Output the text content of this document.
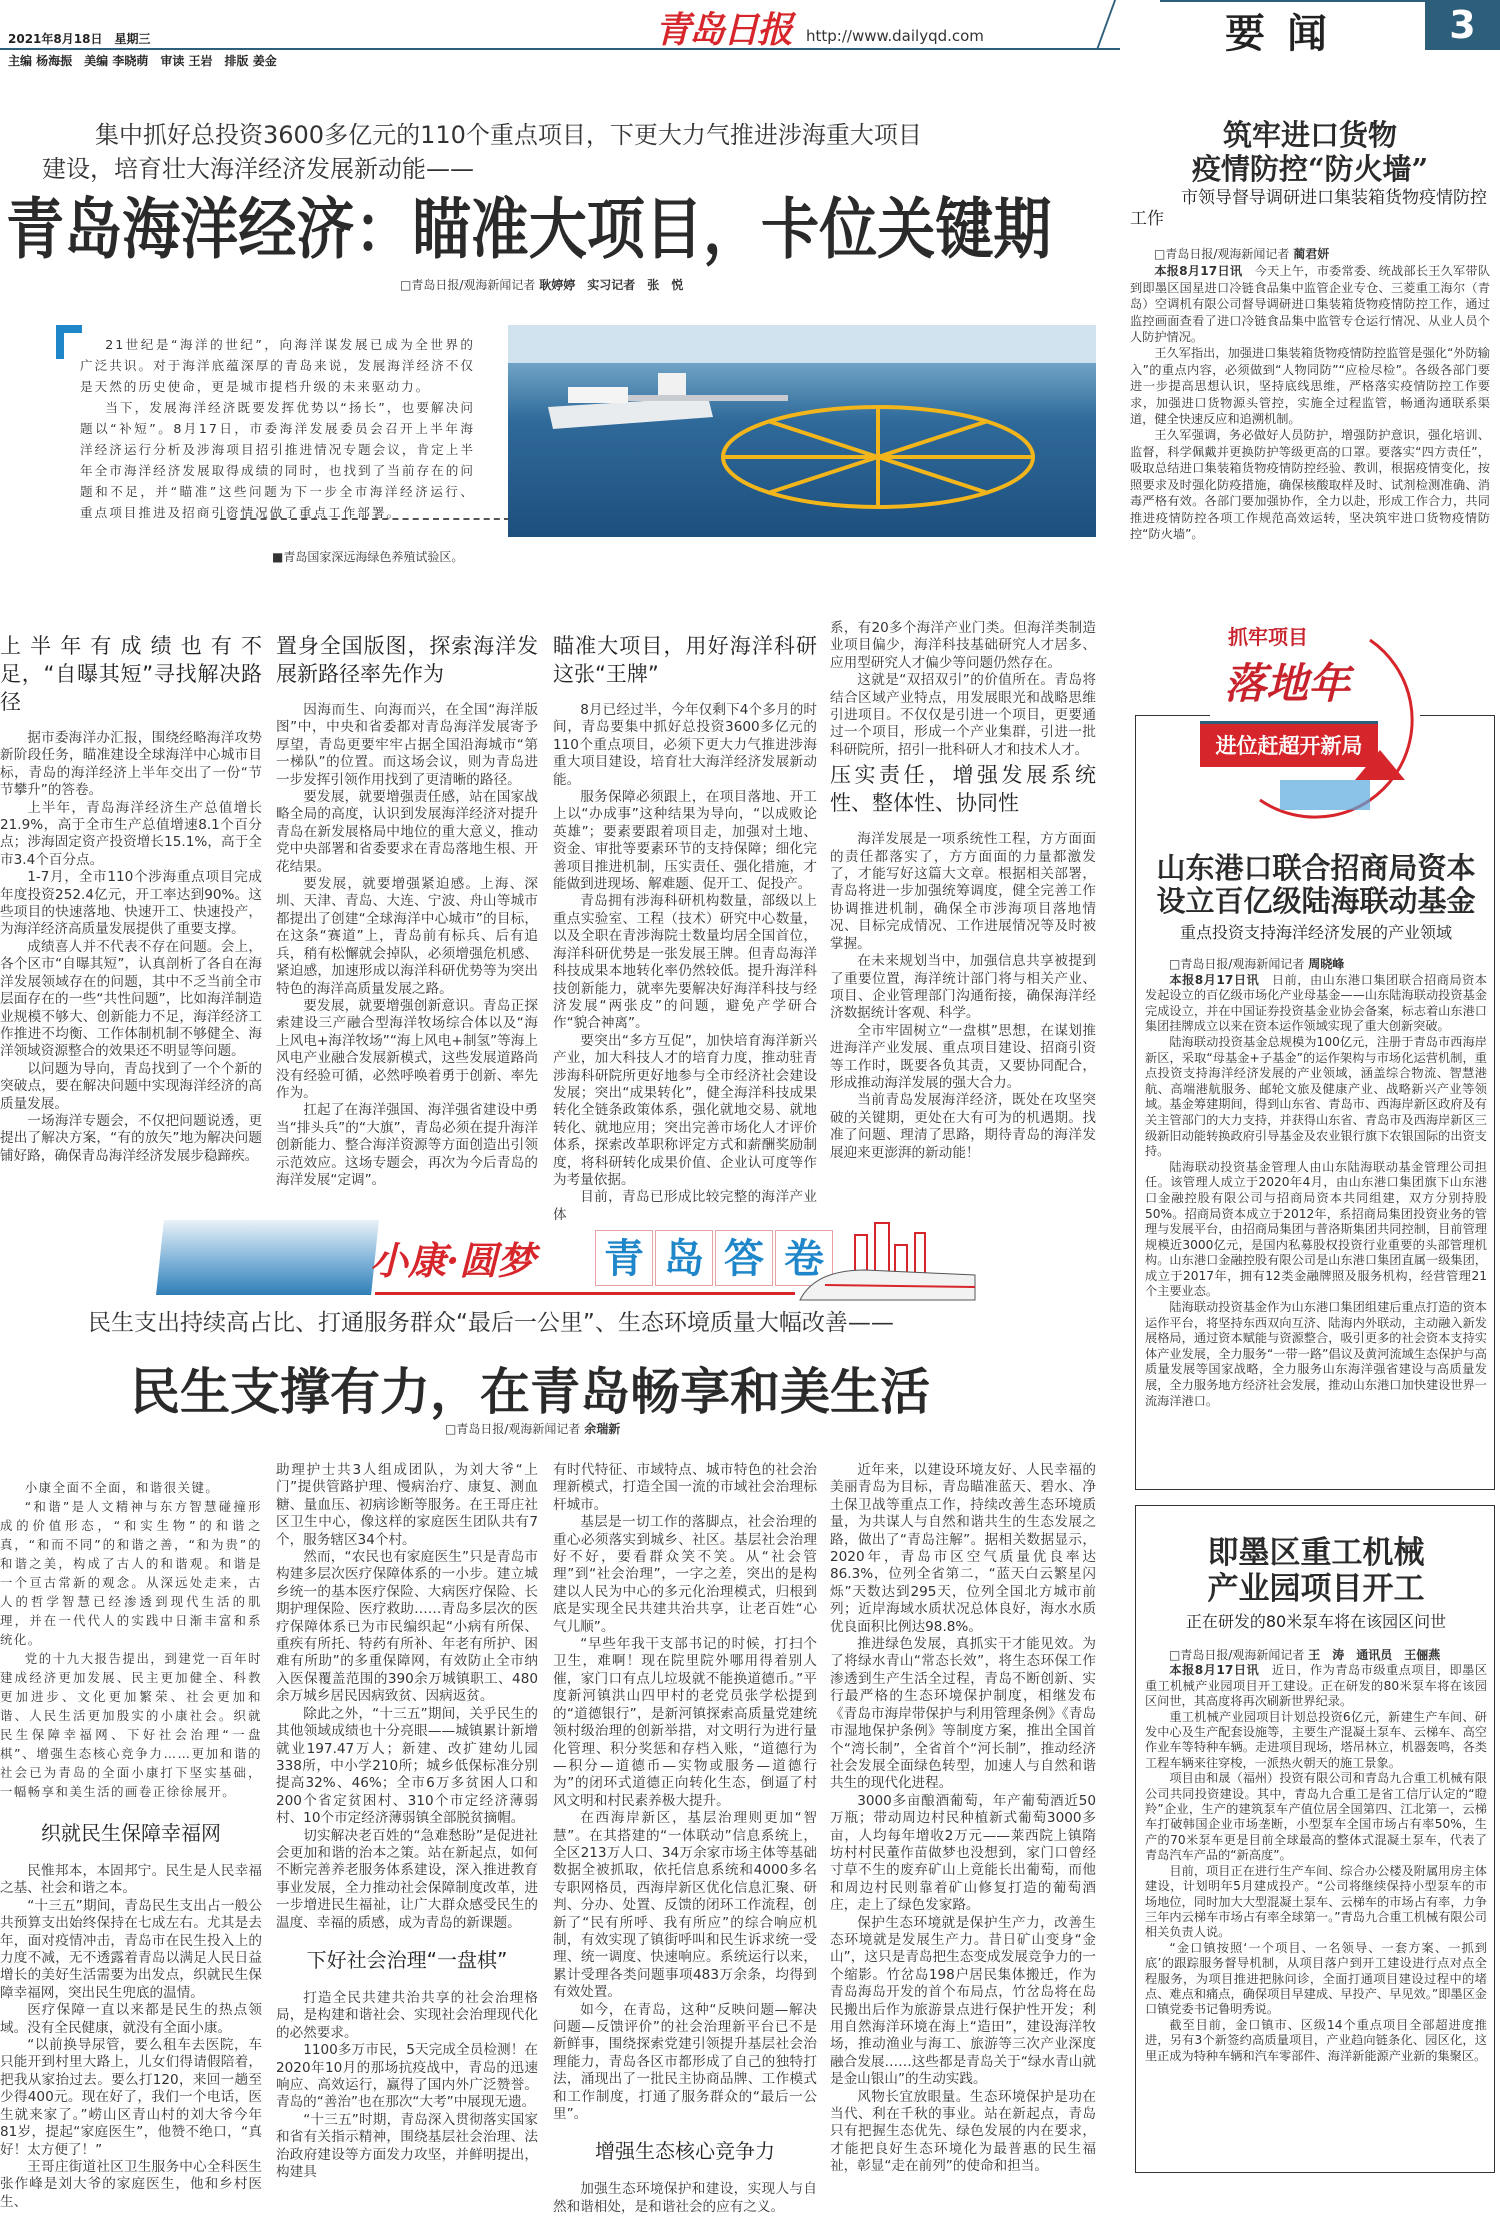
2021年8月18日　星期三
主编 杨海振　美编 李晓萌　审读 王岩　排版 姜金
青岛日报 http://www.dailyqd.com	要闻	3
集中抓好总投资3600多亿元的110个重点项目，下更大力气推进涉海重大项目
建设，培育壮大海洋经济发展新动能——
青岛海洋经济：瞄准大项目，卡位关键期
□青岛日报/观海新闻记者 耿婷婷　实习记者　张　悦

21世纪是“海洋的世纪”，向海洋谋发展已成为全世界的广泛共识。对于海洋底蕴深厚的青岛来说，发展海洋经济不仅是天然的历史使命，更是城市提档升级的未来驱动力。

当下，发展海洋经济既要发挥优势以“扬长”，也要解决问题以“补短”。8月17日，市委海洋发展委员会召开上半年海洋经济运行分析及涉海项目招引推进情况专题会议，肯定上半年全市海洋经济发展取得成绩的同时，也找到了当前存在的问题和不足，并“瞄准”这些问题为下一步全市海洋经济运行、重点项目推进及招商引资情况做了重点工作部署。

■青岛国家深远海绿色养殖试验区。
上半年有成绩也有不足，“自曝其短”寻找解决路径

据市委海洋办汇报，围绕经略海洋攻势新阶段任务，瞄准建设全球海洋中心城市目标，青岛的海洋经济上半年交出了一份“节节攀升”的答卷。

上半年，青岛海洋经济生产总值增长21.9%，高于全市生产总值增速8.1个百分点；涉海固定资产投资增长15.1%，高于全市3.4个百分点。

1-7月，全市110个涉海重点项目完成年度投资252.4亿元，开工率达到90%。这些项目的快速落地、快速开工、快速投产，为海洋经济高质量发展提供了重要支撑。

成绩喜人并不代表不存在问题。会上，各个区市“自曝其短”，认真剖析了各自在海洋发展领域存在的问题，其中不乏当前全市层面存在的一些“共性问题”，比如海洋制造业规模不够大、创新能力不足，海洋经济工作推进不均衡、工作体制机制不够健全、海洋领域资源整合的效果还不明显等问题。

以问题为导向，青岛找到了一个个新的突破点，要在解决问题中实现海洋经济的高质量发展。

一场海洋专题会，不仅把问题说透，更提出了解决方案，“有的放矢”地为解决问题铺好路，确保青岛海洋经济发展步稳蹄疾。

置身全国版图，探索海洋发展新路径率先作为

因海而生、向海而兴，在全国“海洋版图”中，中央和省委都对青岛海洋发展寄予厚望，青岛更要牢牢占据全国沿海城市“第一梯队”的位置。而这场会议，则为青岛进一步发挥引领作用找到了更清晰的路径。

要发展，就要增强责任感，站在国家战略全局的高度，认识到发展海洋经济对提升青岛在新发展格局中地位的重大意义，推动党中央部署和省委要求在青岛落地生根、开花结果。

要发展，就要增强紧迫感。上海、深圳、天津、青岛、大连、宁波、舟山等城市都提出了创建“全球海洋中心城市”的目标，在这条“赛道”上，青岛前有标兵、后有追兵，稍有松懈就会掉队，必须增强危机感、紧迫感，加速形成以海洋科研优势等为突出特色的海洋高质量发展之路。

要发展，就要增强创新意识。青岛正探索建设三产融合型海洋牧场综合体以及“海上风电+海洋牧场”“海上风电+制氢”等海上风电产业融合发展新模式，这些发展道路尚没有经验可循，必然呼唤着勇于创新、率先作为。

扛起了在海洋强国、海洋强省建设中勇当“排头兵”的“大旗”，青岛必须在提升海洋创新能力、整合海洋资源等方面创造出引领示范效应。这场专题会，再次为今后青岛的海洋发展“定调”。

瞄准大项目，用好海洋科研这张“王牌”

8月已经过半，今年仅剩下4个多月的时间，青岛要集中抓好总投资3600多亿元的110个重点项目，必须下更大力气推进涉海重大项目建设，培育壮大海洋经济发展新动能。

服务保障必须跟上，在项目落地、开工上以“办成事”这种结果为导向，“以成败论英雄”；要素要跟着项目走，加强对土地、资金、审批等要素环节的支持保障；细化完善项目推进机制，压实责任、强化措施，才能做到进现场、解难题、促开工、促投产。

青岛拥有涉海科研机构数量，部级以上重点实验室、工程（技术）研究中心数量，以及全职在青涉海院士数量均居全国首位，海洋科研优势是一张发展王牌。但青岛海洋科技成果本地转化率仍然较低。提升海洋科技创新能力，就率先要解决好海洋科技与经济发展“两张皮”的问题，避免产学研合作“貌合神离”。

要突出“多方互促”，加快培育海洋新兴产业，加大科技人才的培育力度，推动驻青涉海科研院所更好地参与全市经济社会建设发展；突出“成果转化”，健全海洋科技成果转化全链条政策体系，强化就地交易、就地转化、就地应用；突出完善市场化人才评价体系，探索改革职称评定方式和薪酬奖励制度，将科研转化成果价值、企业认可度等作为考量依据。

目前，青岛已形成比较完整的海洋产业体

系，有20多个海洋产业门类。但海洋类制造业项目偏少，海洋科技基础研究人才居多、应用型研究人才偏少等问题仍然存在。

这就是“双招双引”的价值所在。青岛将结合区域产业特点，用发展眼光和战略思维引进项目。不仅仅是引进一个项目，更要通过一个项目，形成一个产业集群，引进一批科研院所，招引一批科研人才和技术人才。

压实责任，增强发展系统性、整体性、协同性

海洋发展是一项系统性工程，方方面面的责任都落实了，方方面面的力量都激发了，才能写好这篇大文章。根据相关部署，青岛将进一步加强统筹调度，健全完善工作协调推进机制，确保全市涉海项目落地情况、目标完成情况、工作进展情况等及时被掌握。

在未来规划当中，加强信息共享被提到了重要位置，海洋统计部门将与相关产业、项目、企业管理部门沟通衔接，确保海洋经济数据统计客观、科学。

全市牢固树立“一盘棋”思想，在谋划推进海洋产业发展、重点项目建设、招商引资等工作时，既要各负其责，又要协同配合，形成推动海洋发展的强大合力。

当前青岛发展海洋经济，既处在攻坚突破的关键期，更处在大有可为的机遇期。找准了问题、理清了思路，期待青岛的海洋发展迎来更澎湃的新动能！

筑牢进口货物
疫情防控“防火墙”
市领导督导调研进口集装箱货物疫情防控工作
□青岛日报/观海新闻记者 蔺君妍

本报8月17日讯　 今天上午，市委常委、统战部长王久军带队到即墨区国星进口冷链食品集中监管企业专仓、三菱重工海尔（青岛）空调机有限公司督导调研进口集装箱货物疫情防控工作，通过监控画面查看了进口冷链食品集中监管专仓运行情况、从业人员个人防护情况。

王久军指出，加强进口集装箱货物疫情防控监管是强化“外防输入”的重点内容，必须做到“人物同防”“应检尽检”。各级各部门要进一步提高思想认识，坚持底线思维，严格落实疫情防控工作要求，加强进口货物源头管控，实施全过程监管，畅通沟通联系渠道，健全快速反应和追溯机制。

王久军强调，务必做好人员防护，增强防护意识，强化培训、监督，科学佩戴并更换防护等级更高的口罩。要落实“四方责任”，吸取总结进口集装箱货物疫情防控经验、教训，根据疫情变化，按照要求及时强化防疫措施，确保核酸取样及时、试剂检测准确、消毒严格有效。各部门要加强协作，全力以赴，形成工作合力，共同推进疫情防控各项工作规范高效运转，坚决筑牢进口货物疫情防控“防火墙”。

抓牢项目
落地年
进位赶超开新局
山东港口联合招商局资本
设立百亿级陆海联动基金
重点投资支持海洋经济发展的产业领域
□青岛日报/观海新闻记者 周晓峰

本报8月17日讯　 日前，由山东港口集团联合招商局资本发起设立的百亿级市场化产业母基金——山东陆海联动投资基金完成设立，并在中国证券投资基金业协会备案，标志着山东港口集团挂牌成立以来在资本运作领域实现了重大创新突破。

陆海联动投资基金总规模为100亿元，注册于青岛市西海岸新区，采取“母基金+子基金”的运作架构与市场化运营机制，重点投资支持海洋经济发展的产业领域，涵盖综合物流、智慧港航、高端港航服务、邮轮文旅及健康产业、战略新兴产业等领域。基金筹建期间，得到山东省、青岛市、西海岸新区政府及有关主管部门的大力支持，并获得山东省、青岛市及西海岸新区三级新旧动能转换政府引导基金及农业银行旗下农银国际的出资支持。

陆海联动投资基金管理人由山东陆海联动基金管理公司担任。该管理人成立于2020年4月，由山东港口集团旗下山东港口金融控股有限公司与招商局资本共同组建，双方分别持股50%。招商局资本成立于2012年，系招商局集团投资业务的管理与发展平台，由招商局集团与普洛斯集团共同控制，目前管理规模近3000亿元，是国内私募股权投资行业重要的头部管理机构。山东港口金融控股有限公司是山东港口集团直属一级集团，成立于2017年，拥有12类金融牌照及服务机构，经营管理21个主要业态。

陆海联动投资基金作为山东港口集团组建后重点打造的资本运作平台，将坚持东西双向互济、陆海内外联动，主动融入新发展格局，通过资本赋能与资源整合，吸引更多的社会资本支持实体产业发展，全力服务“一带一路”倡议及黄河流域生态保护与高质量发展等国家战略，全力服务山东海洋强省建设与高质量发展，全力服务地方经济社会发展，推动山东港口加快建设世界一流海洋港口。

小康·圆梦 青 岛 答 卷
民生支出持续高占比、打通服务群众“最后一公里”、生态环境质量大幅改善——
民生支撑有力，在青岛畅享和美生活
□青岛日报/观海新闻记者 余瑞新

小康全面不全面，和谐很关键。

“和谐”是人文精神与东方智慧碰撞形成的价值形态，“和实生物”的和谐之真，“和而不同”的和谐之善，“和为贵”的和谐之美，构成了古人的和谐观。和谐是一个亘古常新的观念。从深远处走来，古人的哲学智慧已经渗透到现代生活的肌理，并在一代代人的实践中日渐丰富和系统化。

党的十九大报告提出，到建党一百年时建成经济更加发展、民主更加健全、科教更加进步、文化更加繁荣、社会更加和谐、人民生活更加殷实的小康社会。织就民生保障幸福网、下好社会治理“一盘棋”、增强生态核心竞争力……更加和谐的社会已为青岛的全面小康打下坚实基础，一幅畅享和美生活的画卷正徐徐展开。

织就民生保障幸福网

民惟邦本，本固邦宁。民生是人民幸福之基、社会和谐之本。

“十三五”期间，青岛民生支出占一般公共预算支出始终保持在七成左右。尤其是去年，面对疫情冲击，青岛市在民生投入上的力度不减，无不透露着青岛以满足人民日益增长的美好生活需要为出发点，织就民生保障幸福网，突出民生兜底的温情。

医疗保障一直以来都是民生的热点领域。没有全民健康，就没有全面小康。

“以前换导尿管，要么租车去医院，车只能开到村里大路上，儿女们得请假陪着，把我从家抬过去。要么打120，来回一趟至少得400元。现在好了，我们一个电话，医生就来家了。”崂山区青山村的刘大爷今年81岁，提起“家庭医生”，他赞不绝口，“真好！太方便了！”

王哥庄街道社区卫生服务中心全科医生张作峰是刘大爷的家庭医生，他和乡村医生、

助理护士共3人组成团队，为刘大爷“上门”提供管路护理、慢病治疗、康复、测血糖、量血压、初病诊断等服务。在王哥庄社区卫生中心，像这样的家庭医生团队共有7个，服务辖区34个村。

然而，“农民也有家庭医生”只是青岛市构建多层次医疗保障体系的一小步。建立城乡统一的基本医疗保险、大病医疗保险、长期护理保险、医疗救助……青岛多层次的医疗保障体系已为市民编织起“小病有所保、重疾有所托、特药有所补、年老有所护、困难有所助”的多重保障网，有效防止全市纳入医保覆盖范围的390余万城镇职工、480余万城乡居民因病致贫、因病返贫。

除此之外，“十三五”期间，关乎民生的其他领域成绩也十分亮眼——城镇累计新增就业197.47万人；新建、改扩建幼儿园338所，中小学210所；城乡低保标准分别提高32%、46%；全市6万多贫困人口和200个省定贫困村、310个市定经济薄弱村、10个市定经济薄弱镇全部脱贫摘帽。

切实解决老百姓的“急难愁盼”是促进社会更加和谐的治本之策。站在新起点，如何不断完善养老服务体系建设，深入推进教育事业发展，全力推动社会保障制度改革，进一步增进民生福祉，让广大群众感受民生的温度、幸福的质感，成为青岛的新课题。

下好社会治理“一盘棋”

打造全民共建共治共享的社会治理格局，是构建和谐社会、实现社会治理现代化的必然要求。

1100多万市民，5天完成全员检测！在2020年10月的那场抗疫战中，青岛的迅速响应、高效运行，赢得了国内外广泛赞誉。青岛的“善治”也在那次“大考”中展现无遗。

“十三五”时期，青岛深入贯彻落实国家和省有关指示精神，围绕基层社会治理、法治政府建设等方面发力攻坚，并鲜明提出，构建具

有时代特征、市域特点、城市特色的社会治理新模式，打造全国一流的市域社会治理标杆城市。

基层是一切工作的落脚点，社会治理的重心必须落实到城乡、社区。基层社会治理好不好，要看群众笑不笑。从“社会管理”到“社会治理”，一字之差，突出的是构建以人民为中心的多元化治理模式，归根到底是实现全民共建共治共享，让老百姓“心气儿顺”。

“早些年我干支部书记的时候，打扫个卫生，难啊！现在院里院外哪用得着别人催，家门口有点儿垃圾就不能换道德币。”平度新河镇洪山四甲村的老党员张学松提到的“道德银行”，是新河镇探索高质量党建统领村级治理的创新举措，对文明行为进行量化管理、积分奖惩和存档入账，“道德行为—积分—道德币—实物或服务—道德行为”的闭环式道德正向转化生态，倒逼了村风文明和村民素养极大提升。

在西海岸新区，基层治理则更加“智慧”。在其搭建的“一体联动”信息系统上，全区213万人口、34万余家市场主体等基础数据全被抓取，依托信息系统和4000多名专职网格员，西海岸新区优化信息汇聚、研判、分办、处置、反馈的闭环工作流程，创新了“民有所呼、我有所应”的综合响应机制，有效实现了镇街呼叫和民生诉求统一受理、统一调度、快速响应。系统运行以来，累计受理各类问题事项483万余条，均得到有效处置。

如今，在青岛，这种“反映问题—解决问题—反馈评价”的社会治理新平台已不是新鲜事，围绕探索党建引领提升基层社会治理能力，青岛各区市都形成了自己的独特打法，涌现出了一批民主协商品牌、工作模式和工作制度，打通了服务群众的“最后一公里”。

增强生态核心竞争力

加强生态环境保护和建设，实现人与自然和谐相处，是和谐社会的应有之义。

近年来，以建设环境友好、人民幸福的美丽青岛为目标，青岛瞄准蓝天、碧水、净土保卫战等重点工作，持续改善生态环境质量，为共谋人与自然和谐共生的生态发展之路，做出了“青岛注解”。据相关数据显示，2020年，青岛市区空气质量优良率达86.3%，位列全省第二，“蓝天白云繁星闪烁”天数达到295天，位列全国北方城市前列；近岸海域水质状况总体良好，海水水质优良面积比例达98.8%。

推进绿色发展，真抓实干才能见效。为了将绿水青山“常态长效”，将生态环保工作渗透到生产生活全过程，青岛不断创新、实行最严格的生态环境保护制度，相继发布《青岛市海岸带保护与利用管理条例》《青岛市湿地保护条例》等制度方案，推出全国首个“湾长制”，全省首个“河长制”，推动经济社会发展全面绿色转型，加速人与自然和谐共生的现代化进程。

3000多亩酿酒葡萄，年产葡萄酒近50万瓶；带动周边村民种植新式葡萄3000多亩，人均每年增收2万元——莱西院上镇隋坊村村民董作苗做梦也没想到，家门口曾经寸草不生的废弃矿山上竟能长出葡萄，而他和周边村民则靠着矿山修复打造的葡萄酒庄，走上了绿色发家路。

保护生态环境就是保护生产力，改善生态环境就是发展生产力。昔日矿山变身“金山”，这只是青岛把生态变成发展竞争力的一个缩影。竹岔岛198户居民集体搬迁，作为青岛海岛开发的首个布局点，竹岔岛将在岛民搬出后作为旅游景点进行保护性开发；利用自然海洋环境在海上“造田”，建设海洋牧场，推动渔业与海工、旅游等三次产业深度融合发展……这些都是青岛关于“绿水青山就是金山银山”的生动实践。

风物长宜放眼量。生态环境保护是功在当代、利在千秋的事业。站在新起点，青岛只有把握生态优先、绿色发展的内在要求，才能把良好生态环境化为最普惠的民生福祉，彰显“走在前列”的使命和担当。

即墨区重工机械
产业园项目开工
正在研发的80米泵车将在该园区问世
□青岛日报/观海新闻记者 王　涛　通讯员　王俪燕

本报8月17日讯　 近日，作为青岛市级重点项目，即墨区重工机械产业园项目开工建设。正在研发的80米泵车将在该园区问世，其高度将再次刷新世界纪录。

重工机械产业园项目计划总投资6亿元，新建生产车间、研发中心及生产配套设施等，主要生产混凝土泵车、云梯车、高空作业车等特种车辆。走进项目现场，塔吊林立，机器轰鸣，各类工程车辆来往穿梭，一派热火朝天的施工景象。

项目由和晟（福州）投资有限公司和青岛九合重工机械有限公司共同投资建设。其中，青岛九合重工是省工信厅认定的“瞪羚”企业，生产的建筑泵车产值位居全国第四、江北第一，云梯车打破韩国企业市场垄断，小型泵车全国市场占有率50%，生产的70米泵车更是目前全球最高的整体式混凝土泵车，代表了青岛汽车产品的“新高度”。

目前，项目正在进行生产车间、综合办公楼及附属用房主体建设，计划明年5月建成投产。“公司将继续保持小型泵车的市场地位，同时加大大型混凝土泵车、云梯车的市场占有率，力争三年内云梯车市场占有率全球第一。”青岛九合重工机械有限公司相关负责人说。

“金口镇按照‘一个项目、一名领导、一套方案、一抓到底’的跟踪服务督导机制，从项目落户到开工建设进行点对点全程服务，为项目推进把脉问诊，全面打通项目建设过程中的堵点、难点和痛点，确保项目早建成、早投产、早见效。”即墨区金口镇党委书记鲁明秀说。

截至目前，金口镇市、区级14个重点项目全部超进度推进，另有3个新签约高质量项目，产业趋向链条化、园区化，这里正成为特种车辆和汽车零部件、海洋新能源产业新的集聚区。
